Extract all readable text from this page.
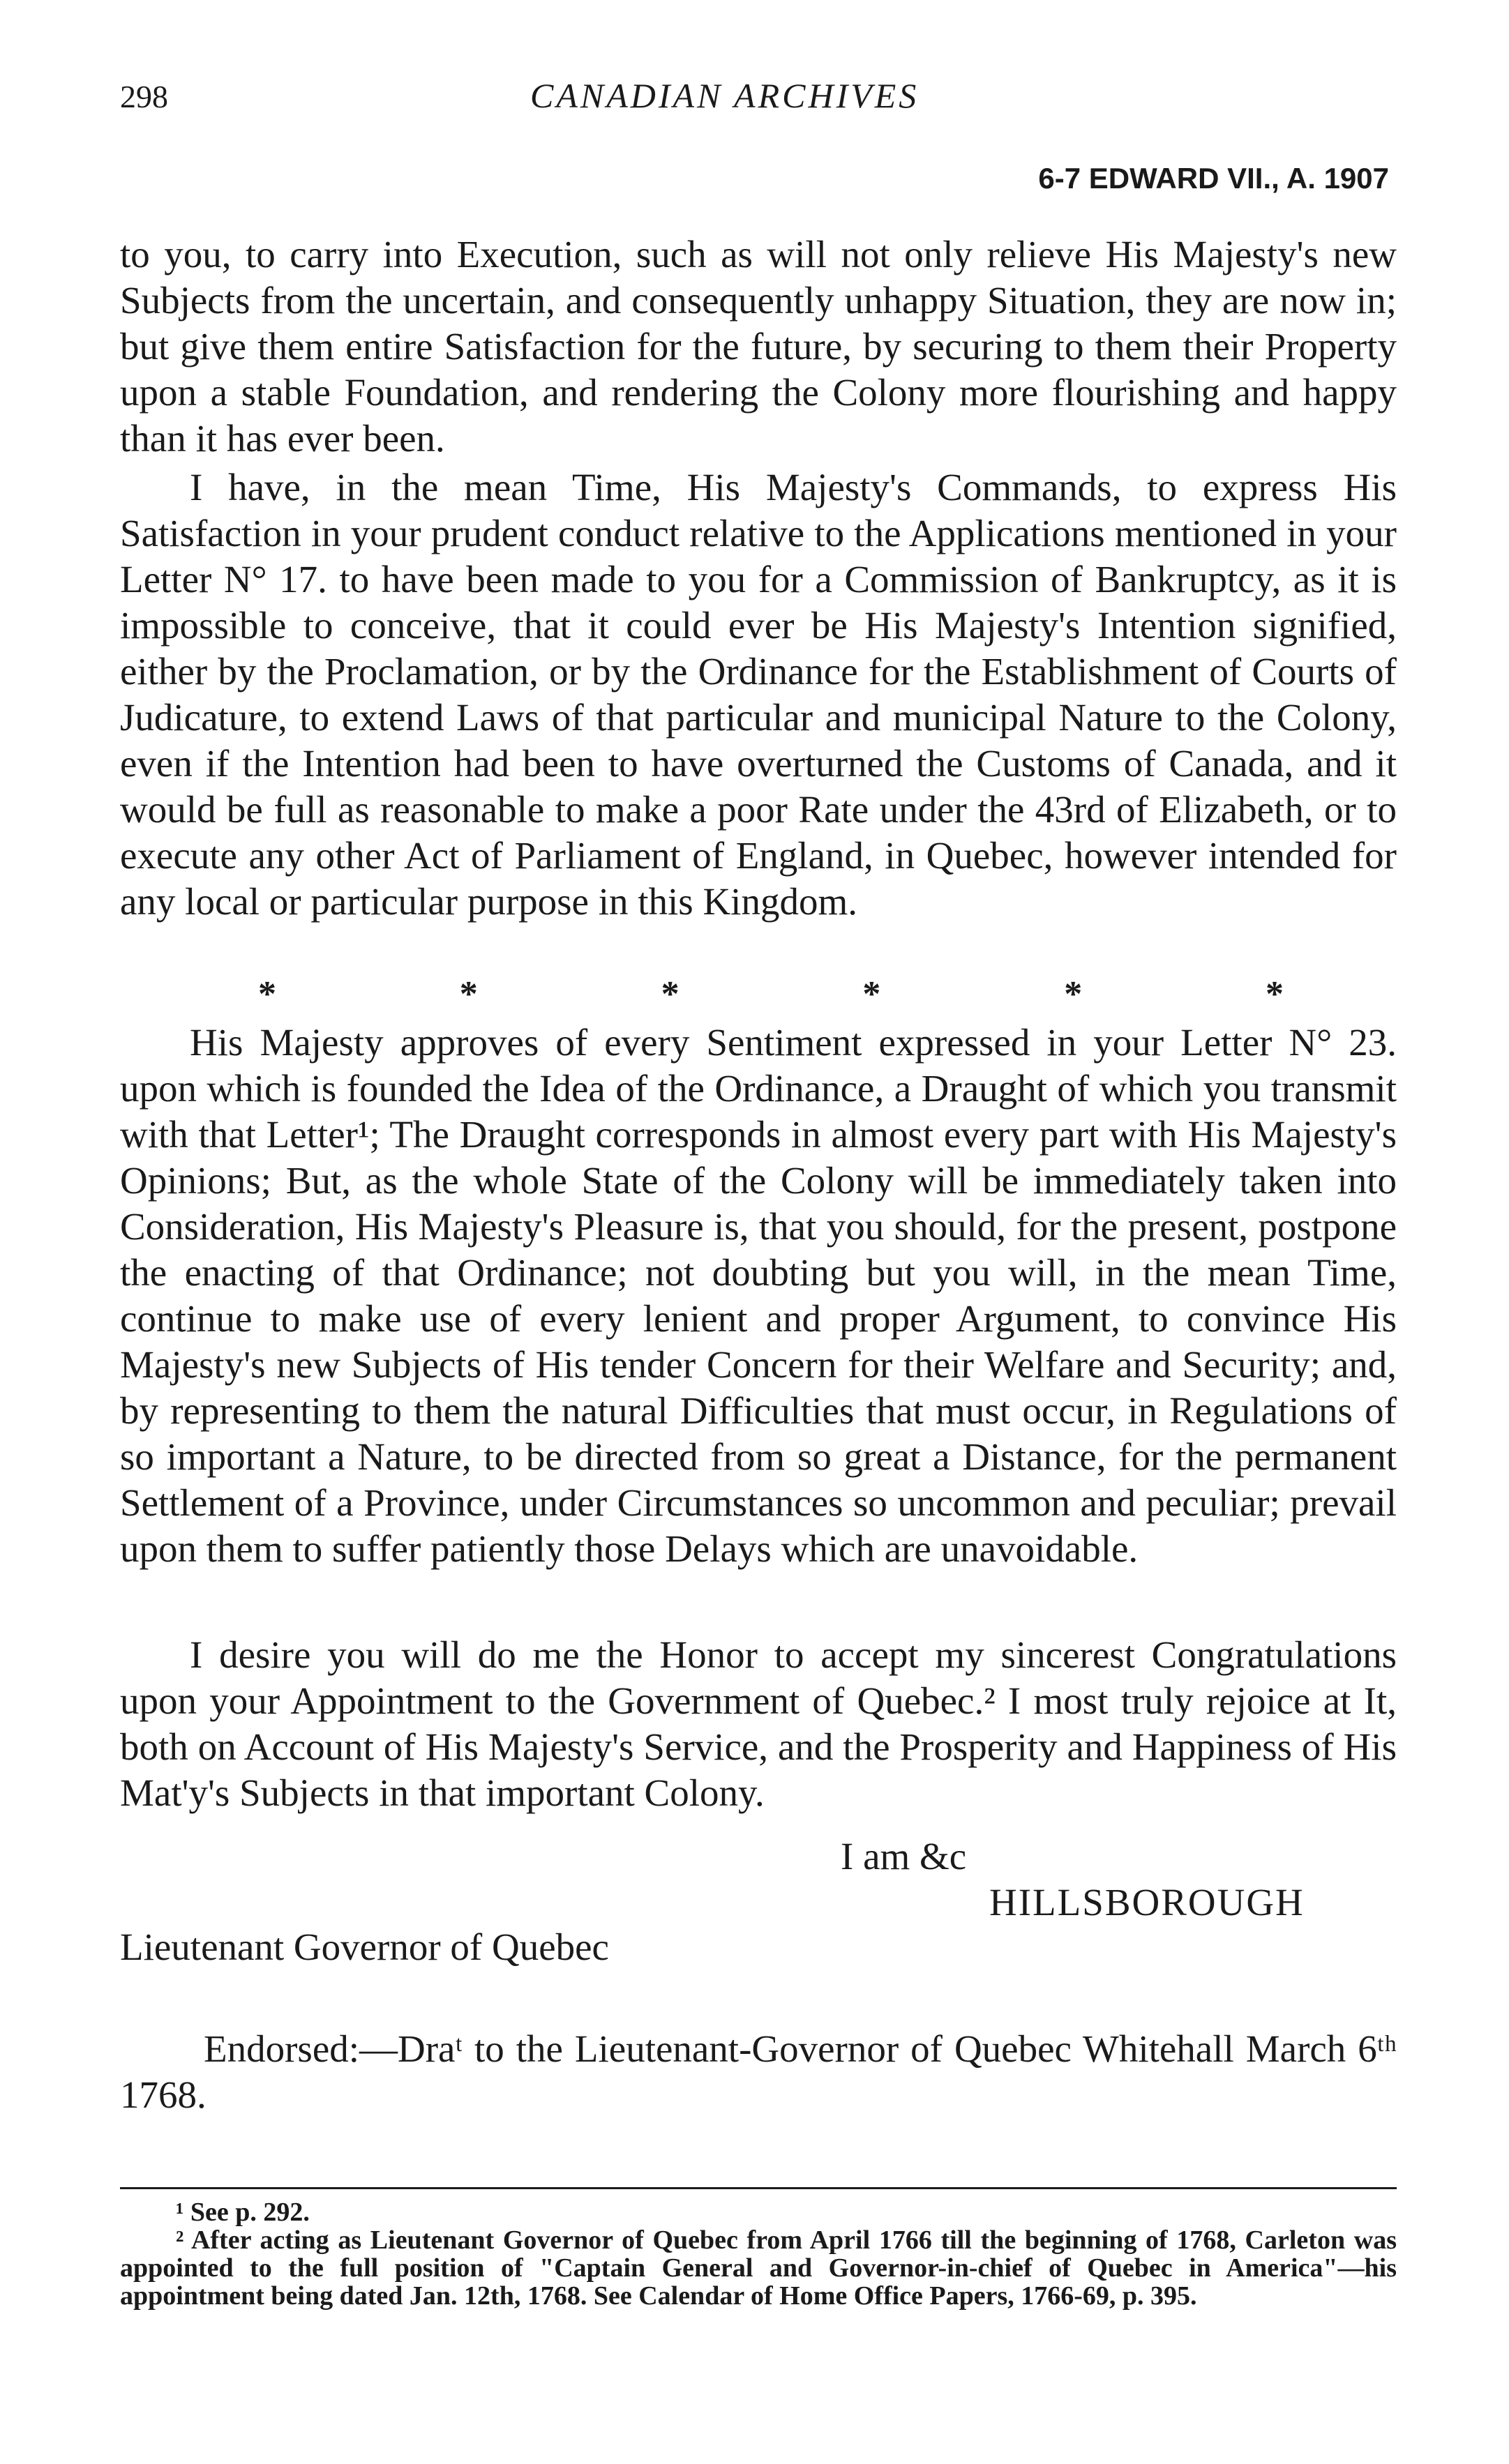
298	CANADIAN ARCHIVES
6-7 EDWARD VII., A. 1907

to you, to carry into Execution, such as will not only relieve His Majesty's new Subjects from the uncertain, and consequently unhappy Situation, they are now in; but give them entire Satisfaction for the future, by securing to them their Property upon a stable Foundation, and rendering the Colony more flourishing and happy than it has ever been.

I have, in the mean Time, His Majesty's Commands, to express His Satisfaction in your prudent conduct relative to the Applications mentioned in your Letter N° 17. to have been made to you for a Commission of Bankruptcy, as it is impossible to conceive, that it could ever be His Majesty's Intention signified, either by the Proclamation, or by the Ordinance for the Establishment of Courts of Judicature, to extend Laws of that particular and municipal Nature to the Colony, even if the Intention had been to have overturned the Customs of Canada, and it would be full as reasonable to make a poor Rate under the 43rd of Elizabeth, or to execute any other Act of Parliament of England, in Quebec, however intended for any local or particular purpose in this Kingdom.

*	*	*	*	*	*

His Majesty approves of every Sentiment expressed in your Letter N° 23. upon which is founded the Idea of the Ordinance, a Draught of which you transmit with that Letter¹; The Draught corresponds in almost every part with His Majesty's Opinions; But, as the whole State of the Colony will be immediately taken into Consideration, His Majesty's Pleasure is, that you should, for the present, postpone the enacting of that Ordinance; not doubting but you will, in the mean Time, continue to make use of every lenient and proper Argument, to convince His Majesty's new Subjects of His tender Concern for their Welfare and Security; and, by representing to them the natural Difficulties that must occur, in Regulations of so important a Nature, to be directed from so great a Distance, for the permanent Settlement of a Province, under Circumstances so uncommon and peculiar; prevail upon them to suffer patiently those Delays which are unavoidable.

I desire you will do me the Honor to accept my sincerest Congratulations upon your Appointment to the Government of Quebec.² I most truly rejoice at It, both on Account of His Majesty's Service, and the Prosperity and Happiness of His Mat'y's Subjects in that important Colony.

I am &c
HILLSBOROUGH
Lieutenant Governor of Quebec

Endorsed:—Draᵗ to the Lieutenant-Governor of Quebec Whitehall March 6ᵗʰ 1768.

¹ See p. 292.

² After acting as Lieutenant Governor of Quebec from April 1766 till the beginning of 1768, Carleton was appointed to the full position of "Captain General and Governor-in-chief of Quebec in America"—his appointment being dated Jan. 12th, 1768. See Calendar of Home Office Papers, 1766-69, p. 395.
